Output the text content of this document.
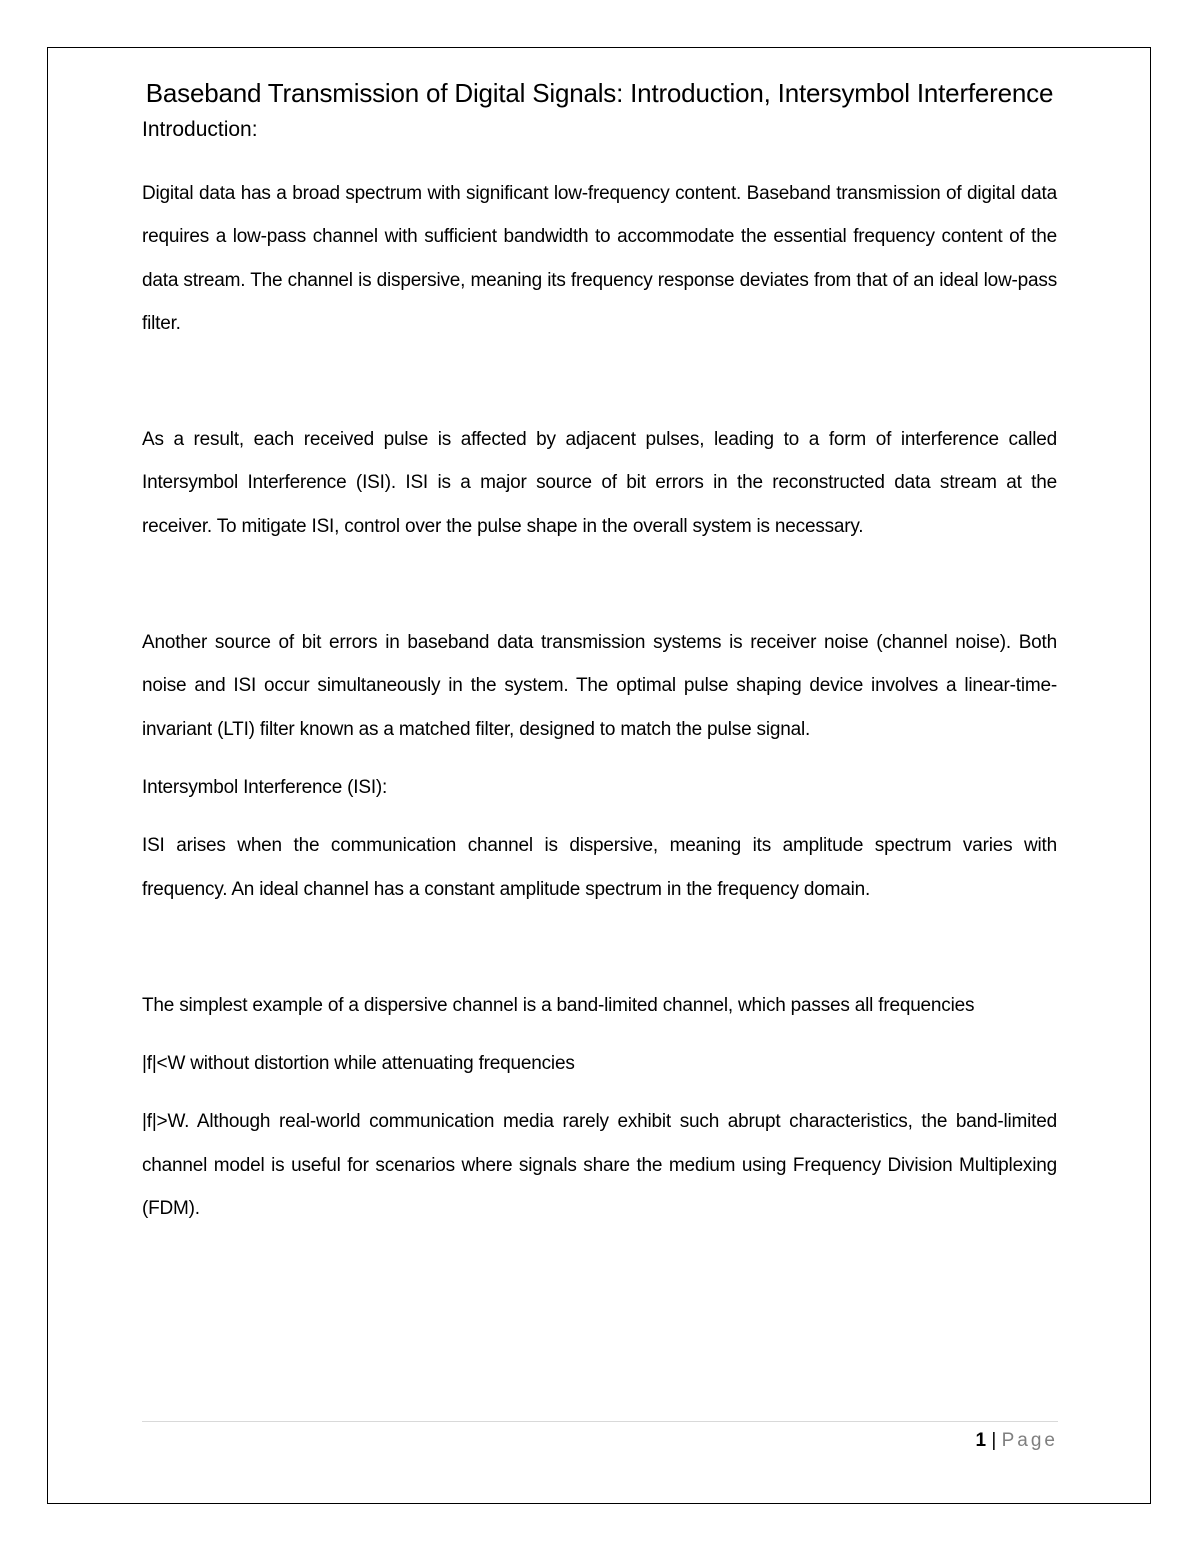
Baseband Transmission of Digital Signals: Introduction, Intersymbol Interference
Introduction:

Digital data has a broad spectrum with significant low-frequency content. Baseband transmission of digital data requires a low-pass channel with sufficient bandwidth to accommodate the essential frequency content of the data stream. The channel is dispersive, meaning its frequency response deviates from that of an ideal low-pass filter.

As a result, each received pulse is affected by adjacent pulses, leading to a form of interference called Intersymbol Interference (ISI). ISI is a major source of bit errors in the reconstructed data stream at the receiver. To mitigate ISI, control over the pulse shape in the overall system is necessary.

Another source of bit errors in baseband data transmission systems is receiver noise (channel noise). Both noise and ISI occur simultaneously in the system. The optimal pulse shaping device involves a linear-time-invariant (LTI) filter known as a matched filter, designed to match the pulse signal.

Intersymbol Interference (ISI):

ISI arises when the communication channel is dispersive, meaning its amplitude spectrum varies with frequency. An ideal channel has a constant amplitude spectrum in the frequency domain.

The simplest example of a dispersive channel is a band-limited channel, which passes all frequencies

|f|<W without distortion while attenuating frequencies

|f|>W. Although real-world communication media rarely exhibit such abrupt characteristics, the band-limited channel model is useful for scenarios where signals share the medium using Frequency Division Multiplexing (FDM).

1 | Page
